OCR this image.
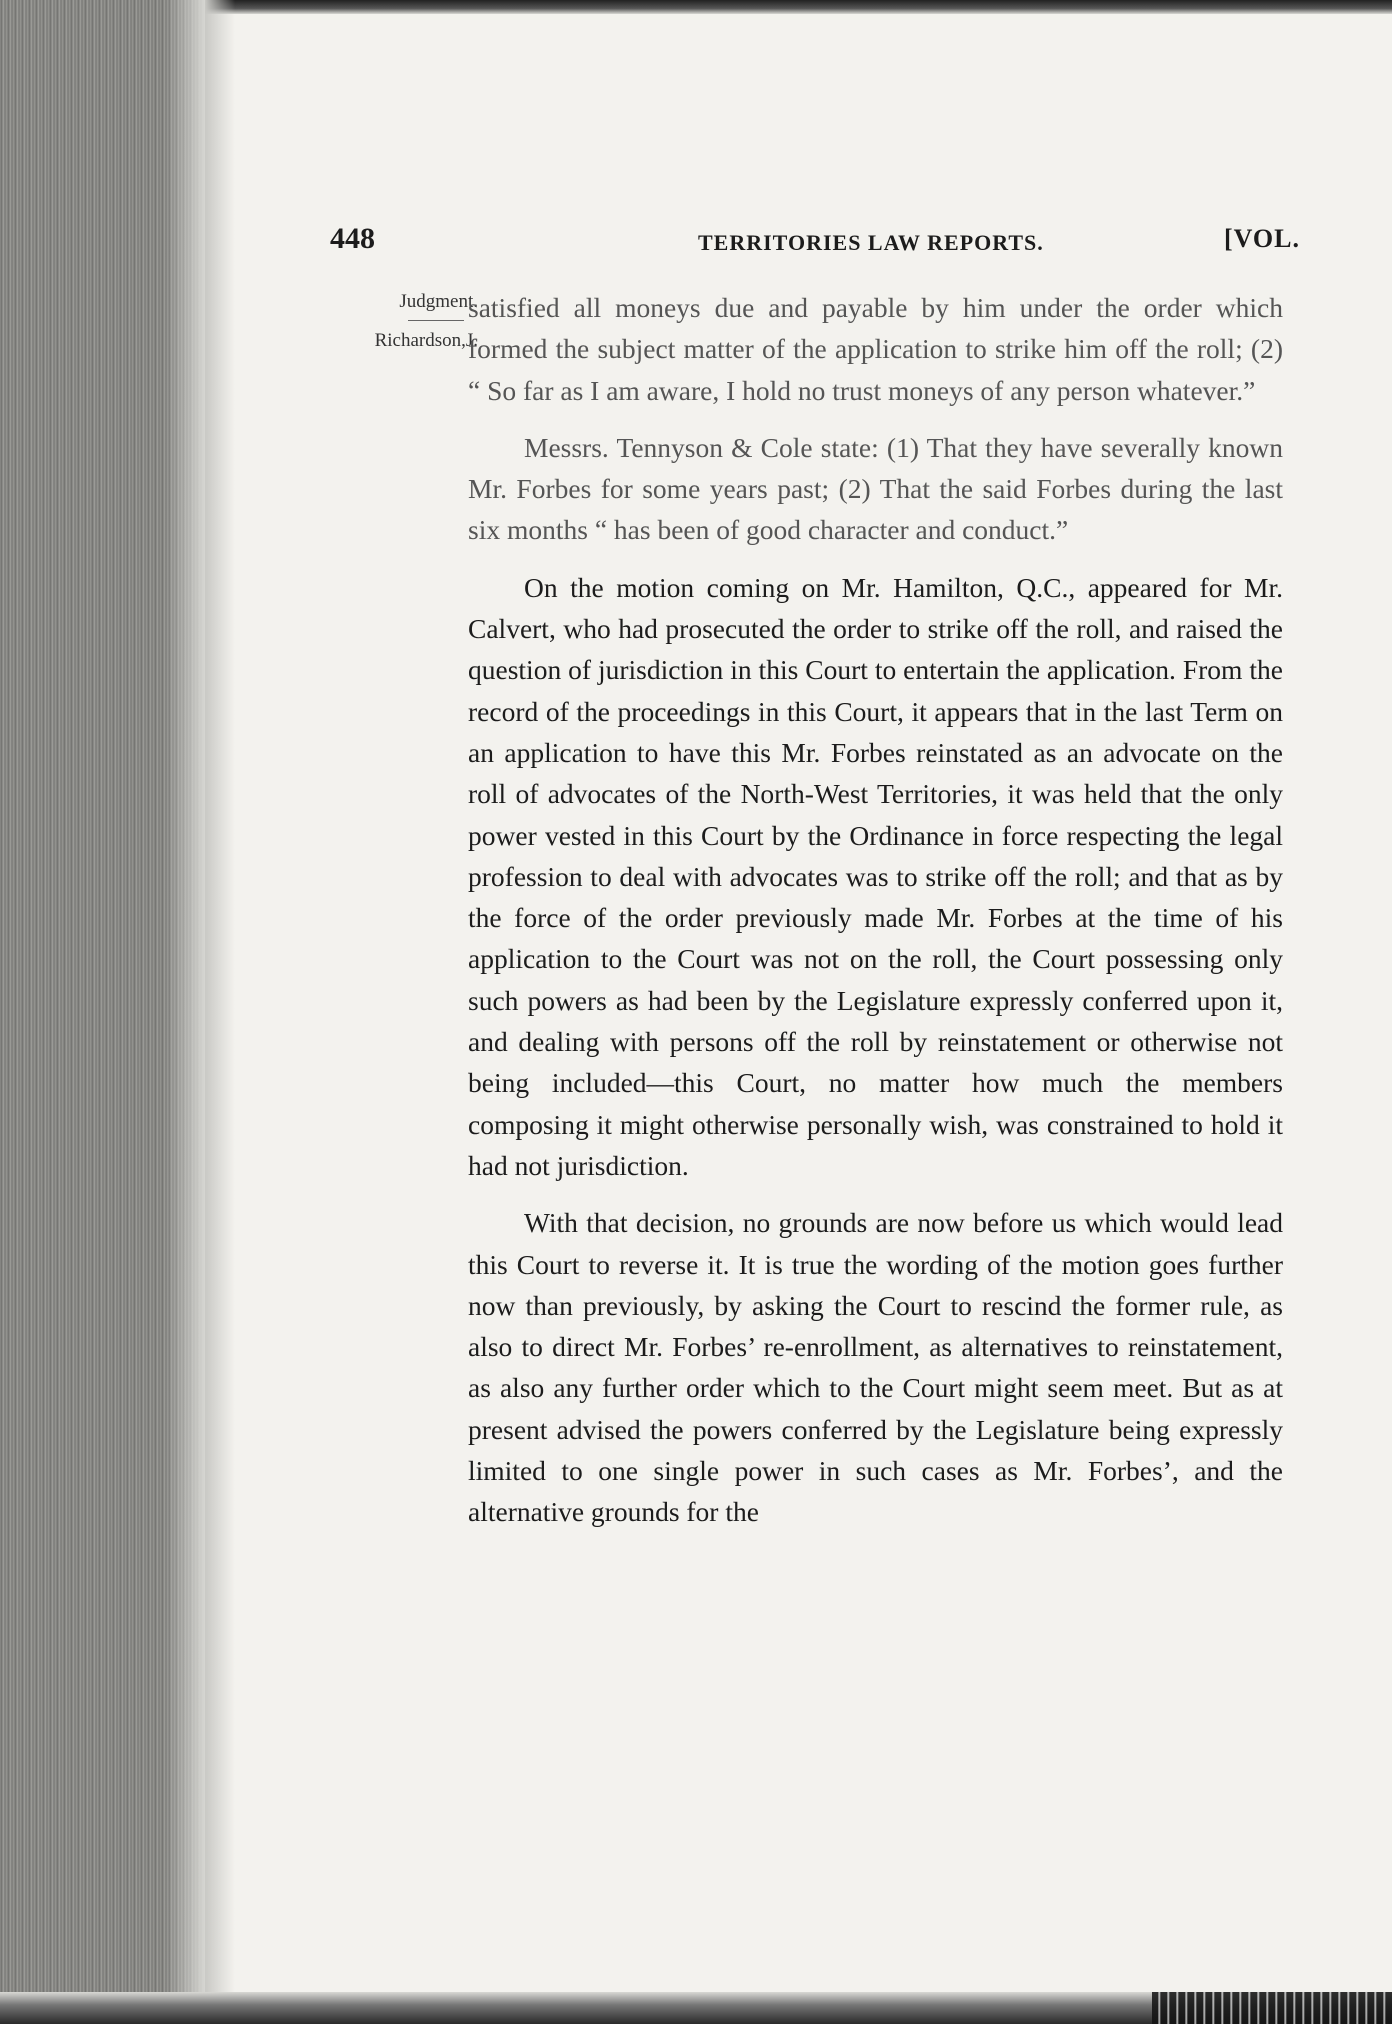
448	TERRITORIES LAW REPORTS.	[VOL.
Judgment.
Richardson,J.

satisfied all moneys due and payable by him under the order which formed the subject matter of the application to strike him off the roll; (2) “ So far as I am aware, I hold no trust moneys of any person whatever.”

Messrs. Tennyson & Cole state: (1) That they have severally known Mr. Forbes for some years past; (2) That the said Forbes during the last six months “ has been of good character and conduct.”

On the motion coming on Mr. Hamilton, Q.C., appeared for Mr. Calvert, who had prosecuted the order to strike off the roll, and raised the question of jurisdiction in this Court to entertain the application. From the record of the proceedings in this Court, it appears that in the last Term on an application to have this Mr. Forbes reinstated as an advocate on the roll of advocates of the North-West Territories, it was held that the only power vested in this Court by the Ordinance in force respecting the legal profession to deal with advocates was to strike off the roll; and that as by the force of the order previously made Mr. Forbes at the time of his application to the Court was not on the roll, the Court possessing only such powers as had been by the Legislature expressly conferred upon it, and dealing with persons off the roll by reinstatement or otherwise not being included—this Court, no matter how much the members composing it might otherwise personally wish, was constrained to hold it had not jurisdiction.

With that decision, no grounds are now before us which would lead this Court to reverse it. It is true the wording of the motion goes further now than previously, by asking the Court to rescind the former rule, as also to direct Mr. Forbes’ re-enrollment, as alternatives to reinstatement, as also any further order which to the Court might seem meet. But as at present advised the powers conferred by the Legislature being expressly limited to one single power in such cases as Mr. Forbes’, and the alternative grounds for the
